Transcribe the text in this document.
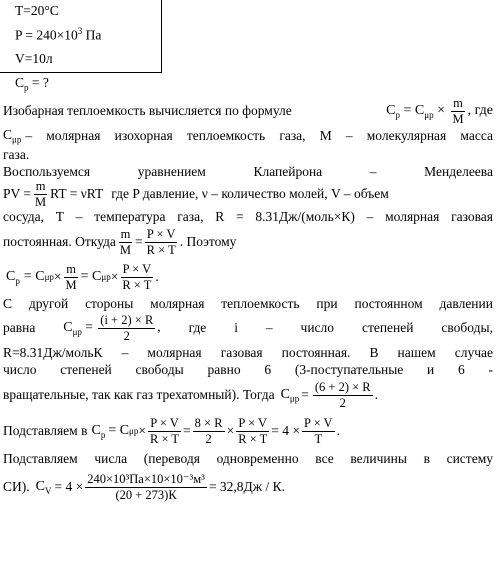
T=20°C
$P = 240\times 10^3$ Па
V=10л
$C_p$ = ?
Изобарная теплоемкость вычисляется по формуле	$C_p = C_{\mu р} \times \frac{m}{M}$ , где
$C_{\mu р}$ – молярная изохорная теплоемкость газа, М – молекулярная масса
газа.
Воспользуемся уравнением Клапейрона – Менделеева
PV = $\frac{m}{M}$ RT = νRT где P давление, ν – количество молей, V – объем
сосуда, Т – температура газа, R = 8.31Дж/(моль×К) – молярная газовая
постоянная. Откуда $\frac{m}{M} = \frac{P \times V}{R \times T}$ . Поэтому
$C_p = C$ $\mu р \times \frac{m}{M} = C$ $\mu р \times \frac{P \times V}{R \times T}$ .
С другой стороны молярная теплоемкость при постоянном давлении
равна $C_{\mu р} = \frac{(i + 2) \times R}{2}$ , где i – число степеней свободы,
R=8.31Дж/мольК – молярная газовая постоянная. В нашем случае
число степеней свободы равно 6 (3-поступательные и 6 -
вращательные, так как газ трехатомный). Тогда $C_{\mu р} = \frac{(6 + 2) \times R}{2}$ .
Подставляем в $C_p = C$ $\mu р \times \frac{P \times V}{R \times T} = \frac{8 \times R}{2} \times \frac{P \times V}{R \times T} = 4 \times \frac{P \times V}{T}$ .
Подставляем числа (переводя одновременно все величины в систему
СИ). $C_V = 4 \times \frac{\text{240×10³Па×10×10⁻³м³}}{(20 + 273)К} = 32,8Дж / К$ .
